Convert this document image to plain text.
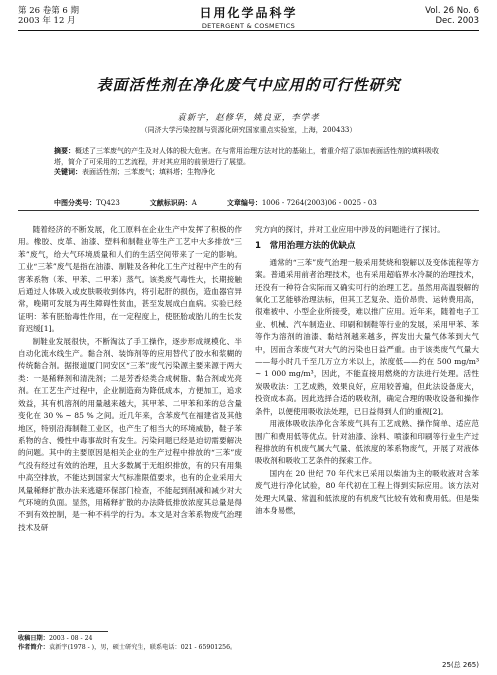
第 26 卷第 6 期
2003 年 12 月
日用化学品科学
DETERGENT & COSMETICS
Vol. 26 No. 6
Dec. 2003
表面活性剂在净化废气中应用的可行性研究
袁新宇，赵修华，姚良亚，李学孝
（同济大学污染控制与资源化研究国家重点实验室，上海，200433）
摘要：概述了三苯废气的产生及对人体的极大危害。在与常用治理方法对比的基础上，着重介绍了添加表面活性剂的填料吸收塔，简介了可采用的工艺流程，并对其应用的前景进行了展望。
关键词：表面活性剂；三苯废气；填料塔；生物净化
中图分类号：TQ423	文献标识码：A	文章编号：1006 - 7264(2003)06 - 0025 - 03

随着经济的不断发展，化工原料在企业生产中发挥了积极的作用。橡胶、皮革、油漆、塑料和制鞋业等生产工艺中大多排放“三苯”废气，给大气环境质量和人们的生活空间带来了一定的影响。工业“三苯”废气是指在油漆、制鞋及各种化工生产过程中产生的有害苯系物（苯、甲苯、二甲苯）蒸气。该类废气毒性大，长期接触后通过人体吸入或皮肤吸收到体内，将引起肝的损伤，造血器官异常，晚期可发展为再生障碍性贫血，甚至发展成白血病。实验已经证明：苯有胚胎毒性作用，在一定程度上，使胚胎或胎儿的生长发育迟缓[1]。

制鞋业发展很快，不断淘汰了手工操作，逐步形成规模化、半自动化流水线生产。黏合剂、装饰剂等的应用替代了胶水和浆糊的传统黏合剂。据报道厦门同安区“三苯”废气污染源主要来源于两大类：一是稀释剂和清洗剂；二是芳香烃类合成树脂、黏合剂或光亮剂。在工艺生产过程中，企业制造商为降低成本，方便加工，追求效益，其有机溶剂的用量越来越大，其甲苯、二甲苯和苯的总含量变化在 30 % ~ 85 % 之间。近几年来，含苯废气在福建省及其他地区，特别沿海制鞋工业区，也产生了相当大的环境威胁，鞋子苯系物的含、慢性中毒事故时有发生。污染问题已经是迫切需要解决的问题。其中的主要原因是相关企业的生产过程中排放的“三苯”废气没有经过有效的治理，且大多数属于无组织排放，有的只有用集中高空排放，不能达到国家大气标准限值要求，也有的企业采用大风量稀释扩散办法来逃避环保部门检查，不能起到削减和减少对大气环境的负面。显然，用稀释扩散的办法降低排放浓度其总量是得不到有效控制，是一种不科学的行为。本文是对含苯系物废气治理技术及研

究方向的探讨，并对工业应用中涉及的问题进行了探讨。

1　常用治理方法的优缺点

通常的“三苯”废气治理一般采用焚烧和裂解以及变体流程等方案。普通采用前者治理技术，也有采用超临界水冷凝的治理技术，还没有一种符合实际而又确实可行的治理工艺。虽然用高温裂解的氧化工艺能够治理法标，但其工艺复杂、造价昂贵、运转费用高，很难被中、小型企业所接受，难以推广应用。近年来，随着电子工业、机械、汽车制造业、印刷和制鞋等行业的发展，采用甲苯、苯等作为溶剂的油漆、黏结剂越来越多，挥发出大量气体苯到大气中，因而含苯废气对大气的污染也日益严重。由于该类废气气量大——每小时几千至几万立方米以上，浓度低——约在 500 mg/m³ ~ 1 000 mg/m³，因此，不能直接用燃烧的方法进行处理。活性炭吸收法：工艺成熟，效果良好，应用较普遍，但此法设备庞大，投资成本高。因此选择合适的吸收剂，确定合理的吸收设备和操作条件，以便使用吸收法处理，已日益得到人们的重视[2]。

用液体吸收法净化含苯废气具有工艺成熟、操作简单、适应范围广和费用低等优点。针对油漆、涂料、喷漆和印刷等行业生产过程排放的有机废气属大气量、低浓度的苯系物废气，开展了对液体吸收剂和吸收工艺条件的探索工作。

国内在 20 世纪 70 年代末已采用以柴油为主的吸收液对含苯废气进行净化试验，80 年代初在工程上得到实际应用。该方法对处理大风量、常温和低浓度的有机废气比较有效和费用低。但是柴油本身易燃，

收稿日期：2003 - 08 - 24
作者简介：袁新宇(1978 - )，男，硕士研究生，联系电话：021 - 65901256。
25(总 265)
